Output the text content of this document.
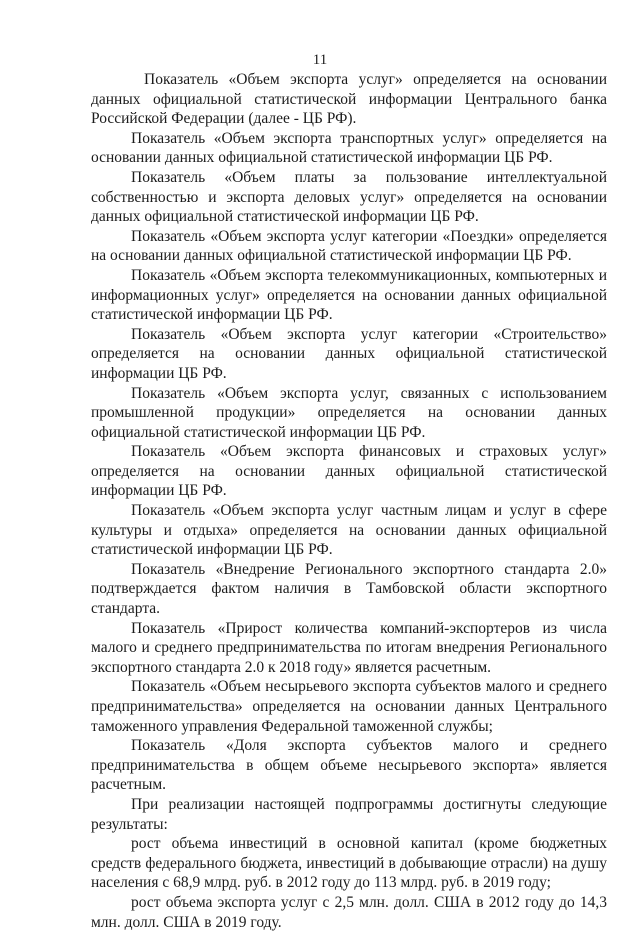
11

Показатель «Объем экспорта услуг» определяется на основании данных официальной статистической информации Центрального банка Российской Федерации (далее - ЦБ РФ).

Показатель «Объем экспорта транспортных услуг» определяется на основании данных официальной статистической информации ЦБ РФ.

Показатель «Объем платы за пользование интеллектуальной собственностью и экспорта деловых услуг» определяется на основании данных официальной статистической информации ЦБ РФ.

Показатель «Объем экспорта услуг категории «Поездки» определяется на основании данных официальной статистической информации ЦБ РФ.

Показатель «Объем экспорта телекоммуникационных, компьютерных и информационных услуг» определяется на основании данных официальной статистической информации ЦБ РФ.

Показатель «Объем экспорта услуг категории «Строительство» определяется на основании данных официальной статистической информации ЦБ РФ.

Показатель «Объем экспорта услуг, связанных с использованием промышленной продукции» определяется на основании данных официальной статистической информации ЦБ РФ.

Показатель «Объем экспорта финансовых и страховых услуг» определяется на основании данных официальной статистической информации ЦБ РФ.

Показатель «Объем экспорта услуг частным лицам и услуг в сфере культуры и отдыха» определяется на основании данных официальной статистической информации ЦБ РФ.

Показатель «Внедрение Регионального экспортного стандарта 2.0» подтверждается фактом наличия в Тамбовской области экспортного стандарта.

Показатель «Прирост количества компаний-экспортеров из числа малого и среднего предпринимательства по итогам внедрения Регионального экспортного стандарта 2.0 к 2018 году» является расчетным.

Показатель «Объем несырьевого экспорта субъектов малого и среднего предпринимательства» определяется на основании данных Центрального таможенного управления Федеральной таможенной службы;

Показатель «Доля экспорта субъектов малого и среднего предпринимательства в общем объеме несырьевого экспорта» является расчетным.

При реализации настоящей подпрограммы достигнуты следующие результаты:

рост объема инвестиций в основной капитал (кроме бюджетных средств федерального бюджета, инвестиций в добывающие отрасли) на душу населения с 68,9 млрд. руб. в 2012 году до 113 млрд. руб. в 2019 году;

рост объема экспорта услуг с 2,5 млн. долл. США в 2012 году до 14,3 млн. долл. США в 2019 году.
